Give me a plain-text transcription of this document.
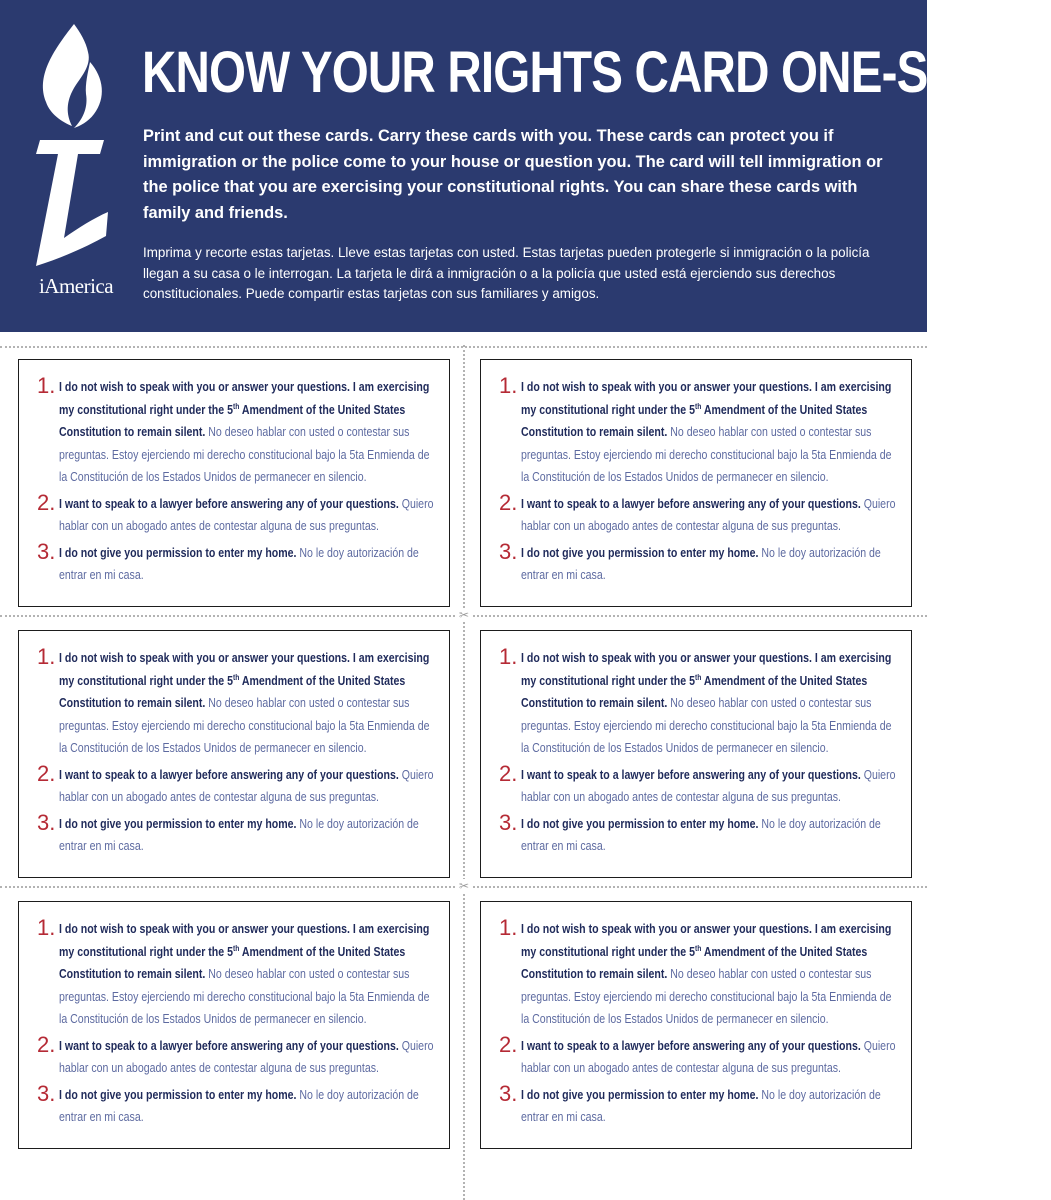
iAmerica
KNOW YOUR RIGHTS CARD ONE-SHEET
Print and cut out these cards. Carry these cards with you. These cards can protect you if immigration or the police come to your house or question you. The card will tell immigration or the police that you are exercising your constitutional rights. You can share these cards with family and friends.
Imprima y recorte estas tarjetas. Lleve estas tarjetas con usted. Estas tarjetas pueden protegerle si inmigración o la policía llegan a su casa o le interrogan. La tarjeta le dirá a inmigración o a la policía que usted está ejerciendo sus derechos constitucionales. Puede compartir estas tarjetas con sus familiares y amigos.
✂
✂
1. I do not wish to speak with you or answer your questions. I am exercising my constitutional right under the 5th Amendment of the United States Constitution to remain silent. No deseo hablar con usted o contestar sus preguntas. Estoy ejerciendo mi derecho constitucional bajo la 5ta Enmienda de la Constitución de los Estados Unidos de permanecer en silencio.
2. I want to speak to a lawyer before answering any of your questions. Quiero hablar con un abogado antes de contestar alguna de sus preguntas.
3. I do not give you permission to enter my home. No le doy autorización de entrar en mi casa.
1. I do not wish to speak with you or answer your questions. I am exercising my constitutional right under the 5th Amendment of the United States Constitution to remain silent. No deseo hablar con usted o contestar sus preguntas. Estoy ejerciendo mi derecho constitucional bajo la 5ta Enmienda de la Constitución de los Estados Unidos de permanecer en silencio.
2. I want to speak to a lawyer before answering any of your questions. Quiero hablar con un abogado antes de contestar alguna de sus preguntas.
3. I do not give you permission to enter my home. No le doy autorización de entrar en mi casa.
1. I do not wish to speak with you or answer your questions. I am exercising my constitutional right under the 5th Amendment of the United States Constitution to remain silent. No deseo hablar con usted o contestar sus preguntas. Estoy ejerciendo mi derecho constitucional bajo la 5ta Enmienda de la Constitución de los Estados Unidos de permanecer en silencio.
2. I want to speak to a lawyer before answering any of your questions. Quiero hablar con un abogado antes de contestar alguna de sus preguntas.
3. I do not give you permission to enter my home. No le doy autorización de entrar en mi casa.
1. I do not wish to speak with you or answer your questions. I am exercising my constitutional right under the 5th Amendment of the United States Constitution to remain silent. No deseo hablar con usted o contestar sus preguntas. Estoy ejerciendo mi derecho constitucional bajo la 5ta Enmienda de la Constitución de los Estados Unidos de permanecer en silencio.
2. I want to speak to a lawyer before answering any of your questions. Quiero hablar con un abogado antes de contestar alguna de sus preguntas.
3. I do not give you permission to enter my home. No le doy autorización de entrar en mi casa.
1. I do not wish to speak with you or answer your questions. I am exercising my constitutional right under the 5th Amendment of the United States Constitution to remain silent. No deseo hablar con usted o contestar sus preguntas. Estoy ejerciendo mi derecho constitucional bajo la 5ta Enmienda de la Constitución de los Estados Unidos de permanecer en silencio.
2. I want to speak to a lawyer before answering any of your questions. Quiero hablar con un abogado antes de contestar alguna de sus preguntas.
3. I do not give you permission to enter my home. No le doy autorización de entrar en mi casa.
1. I do not wish to speak with you or answer your questions. I am exercising my constitutional right under the 5th Amendment of the United States Constitution to remain silent. No deseo hablar con usted o contestar sus preguntas. Estoy ejerciendo mi derecho constitucional bajo la 5ta Enmienda de la Constitución de los Estados Unidos de permanecer en silencio.
2. I want to speak to a lawyer before answering any of your questions. Quiero hablar con un abogado antes de contestar alguna de sus preguntas.
3. I do not give you permission to enter my home. No le doy autorización de entrar en mi casa.
